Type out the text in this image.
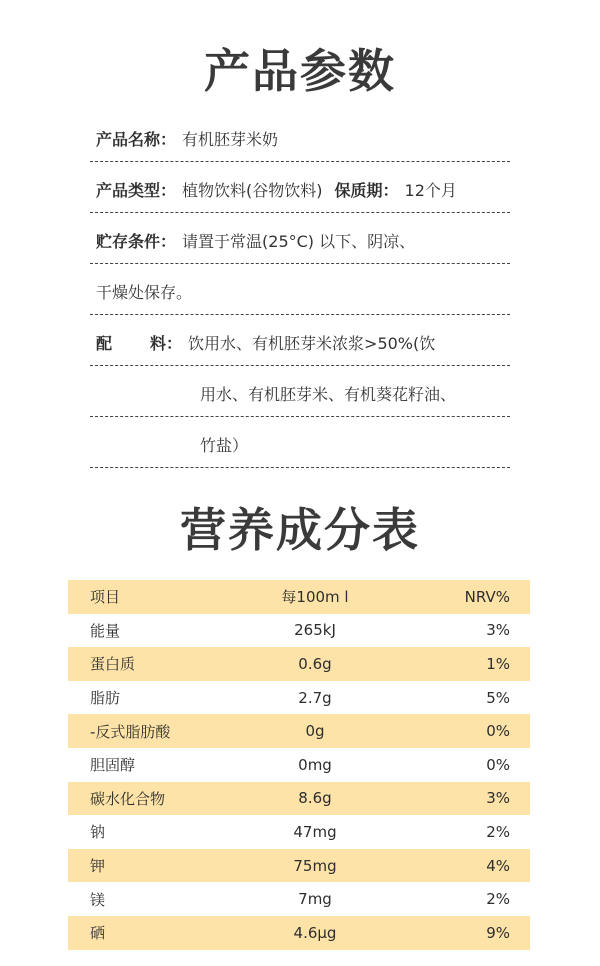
产品参数
产品名称： 有机胚芽米奶
产品类型： 植物饮料(谷物饮料) 保质期： 12个月
贮存条件： 请置于常温(25°C) 以下、阴凉、
干燥处保存。
配 料： 饮用水、有机胚芽米浓浆>50%(饮
用水、有机胚芽米、有机葵花籽油、
竹盐）
营养成分表
项目	每100m l	NRV%
能量	265kJ	3%
蛋白质	0.6g	1%
脂肪	2.7g	5%
-反式脂肪酸	0g	0%
胆固醇	0mg	0%
碳水化合物	8.6g	3%
钠	47mg	2%
钾	75mg	4%
镁	7mg	2%
硒	4.6μg	9%
